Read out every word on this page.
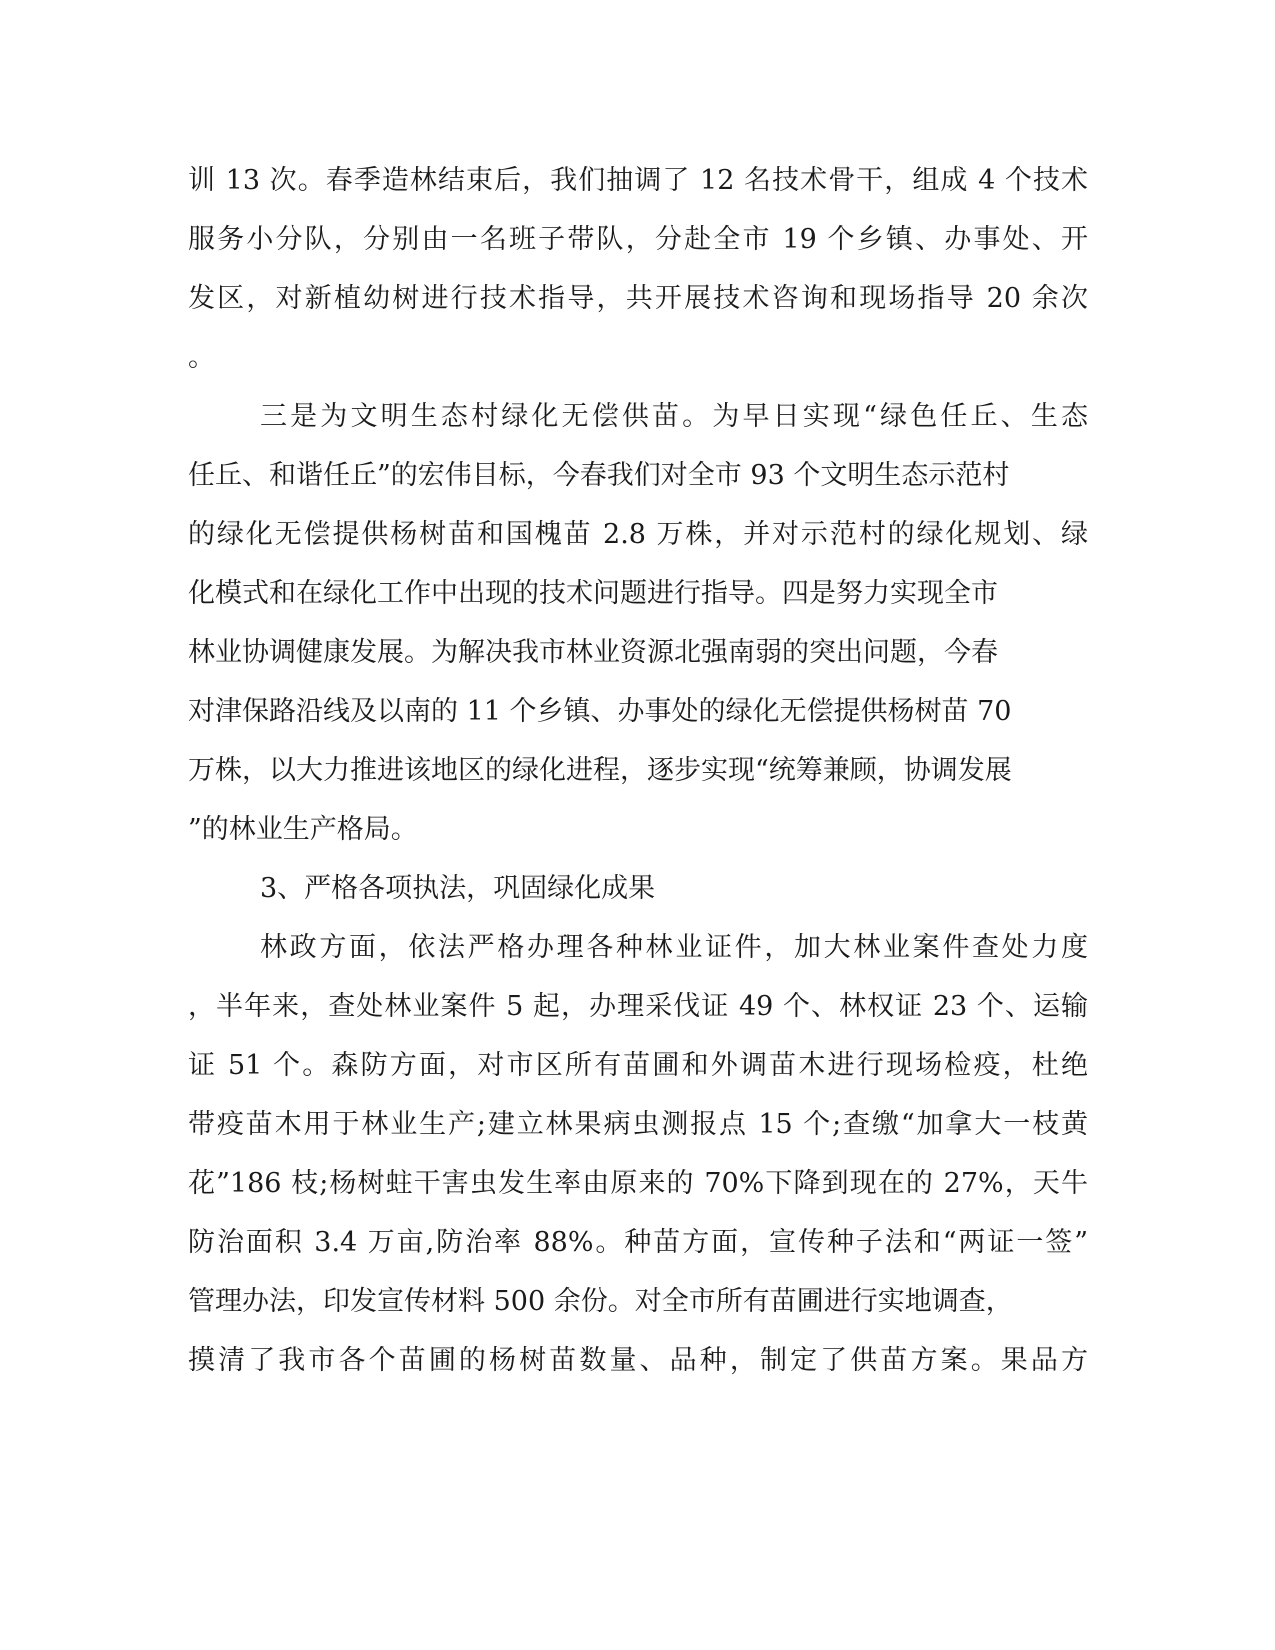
训 13 次。春季造林结束后，我们抽调了 12 名技术骨干，组成 4 个技术
服务小分队，分别由一名班子带队，分赴全市 19 个乡镇、办事处、开
发区，对新植幼树进行技术指导，共开展技术咨询和现场指导 20 余次
。
三是为文明生态村绿化无偿供苗。为早日实现“绿色任丘、生态
任丘、和谐任丘”的宏伟目标，今春我们对全市 93 个文明生态示范村
的绿化无偿提供杨树苗和国槐苗 2.8 万株，并对示范村的绿化规划、绿
化模式和在绿化工作中出现的技术问题进行指导。四是努力实现全市
林业协调健康发展。为解决我市林业资源北强南弱的突出问题，今春
对津保路沿线及以南的 11 个乡镇、办事处的绿化无偿提供杨树苗 70
万株，以大力推进该地区的绿化进程，逐步实现“统筹兼顾，协调发展
”的林业生产格局。
3、严格各项执法，巩固绿化成果
林政方面，依法严格办理各种林业证件，加大林业案件查处力度
，半年来，查处林业案件 5 起，办理采伐证 49 个、林权证 23 个、运输
证 51 个。森防方面，对市区所有苗圃和外调苗木进行现场检疫，杜绝
带疫苗木用于林业生产;建立林果病虫测报点 15 个;查缴“加拿大一枝黄
花”186 枝;杨树蛀干害虫发生率由原来的 70%下降到现在的 27%，天牛
防治面积 3.4 万亩,防治率 88%。种苗方面，宣传种子法和“两证一签”
管理办法，印发宣传材料 500 余份。对全市所有苗圃进行实地调查，
摸清了我市各个苗圃的杨树苗数量、品种，制定了供苗方案。果品方
